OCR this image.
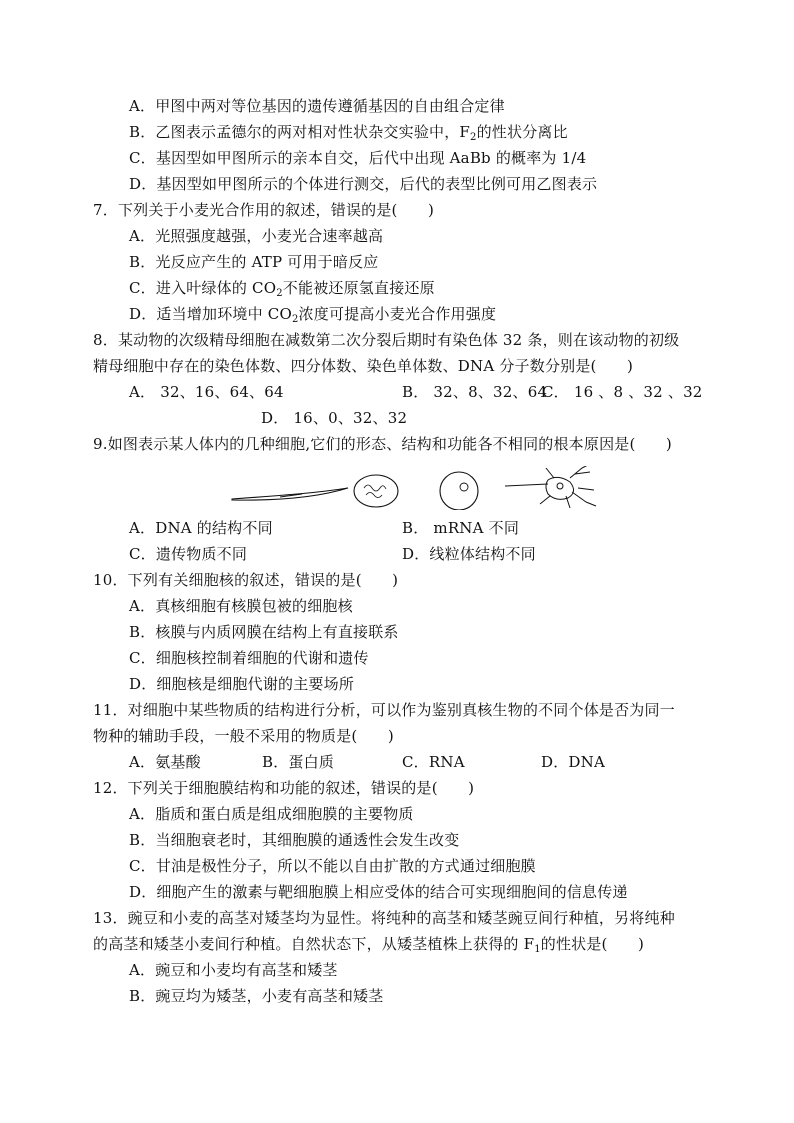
A．甲图中两对等位基因的遗传遵循基因的自由组合定律
B．乙图表示孟德尔的两对相对性状杂交实验中，$F_2$的性状分离比
C．基因型如甲图所示的亲本自交，后代中出现 AaBb 的概率为 1/4
D．基因型如甲图所示的个体进行测交，后代的表型比例可用乙图表示
7．下列关于小麦光合作用的叙述，错误的是(　　)
A．光照强度越强，小麦光合速率越高
B．光反应产生的 ATP 可用于暗反应
C．进入叶绿体的 $CO_2$不能被还原氢直接还原
D．适当增加环境中 $CO_2$浓度可提高小麦光合作用强度
8．某动物的次级精母细胞在减数第二次分裂后期时有染色体 32 条，则在该动物的初级
精母细胞中存在的染色体数、四分体数、染色单体数、DNA 分子数分别是(　　)
A． 32、16、64、64	B． 32、8、32、64
C． 16 、8 、32 、32
D． 16、0、32、32
9.如图表示某人体内的几种细胞,它们的形态、结构和功能各不相同的根本原因是(　　)
A．DNA 的结构不同	B． mRNA 不同
C．遗传物质不同	D．线粒体结构不同
10．下列有关细胞核的叙述，错误的是(　　)
A．真核细胞有核膜包被的细胞核
B．核膜与内质网膜在结构上有直接联系
C．细胞核控制着细胞的代谢和遗传
D．细胞核是细胞代谢的主要场所
11．对细胞中某些物质的结构进行分析，可以作为鉴别真核生物的不同个体是否为同一
物种的辅助手段，一般不采用的物质是(　　)
A．氨基酸	B．蛋白质	C．RNA	D．DNA
12．下列关于细胞膜结构和功能的叙述，错误的是(　　)
A．脂质和蛋白质是组成细胞膜的主要物质
B．当细胞衰老时，其细胞膜的通透性会发生改变
C．甘油是极性分子，所以不能以自由扩散的方式通过细胞膜
D．细胞产生的激素与靶细胞膜上相应受体的结合可实现细胞间的信息传递
13．豌豆和小麦的高茎对矮茎均为显性。将纯种的高茎和矮茎豌豆间行种植，另将纯种
的高茎和矮茎小麦间行种植。自然状态下，从矮茎植株上获得的 $F_1$的性状是(　　)
A．豌豆和小麦均有高茎和矮茎
B．豌豆均为矮茎，小麦有高茎和矮茎
